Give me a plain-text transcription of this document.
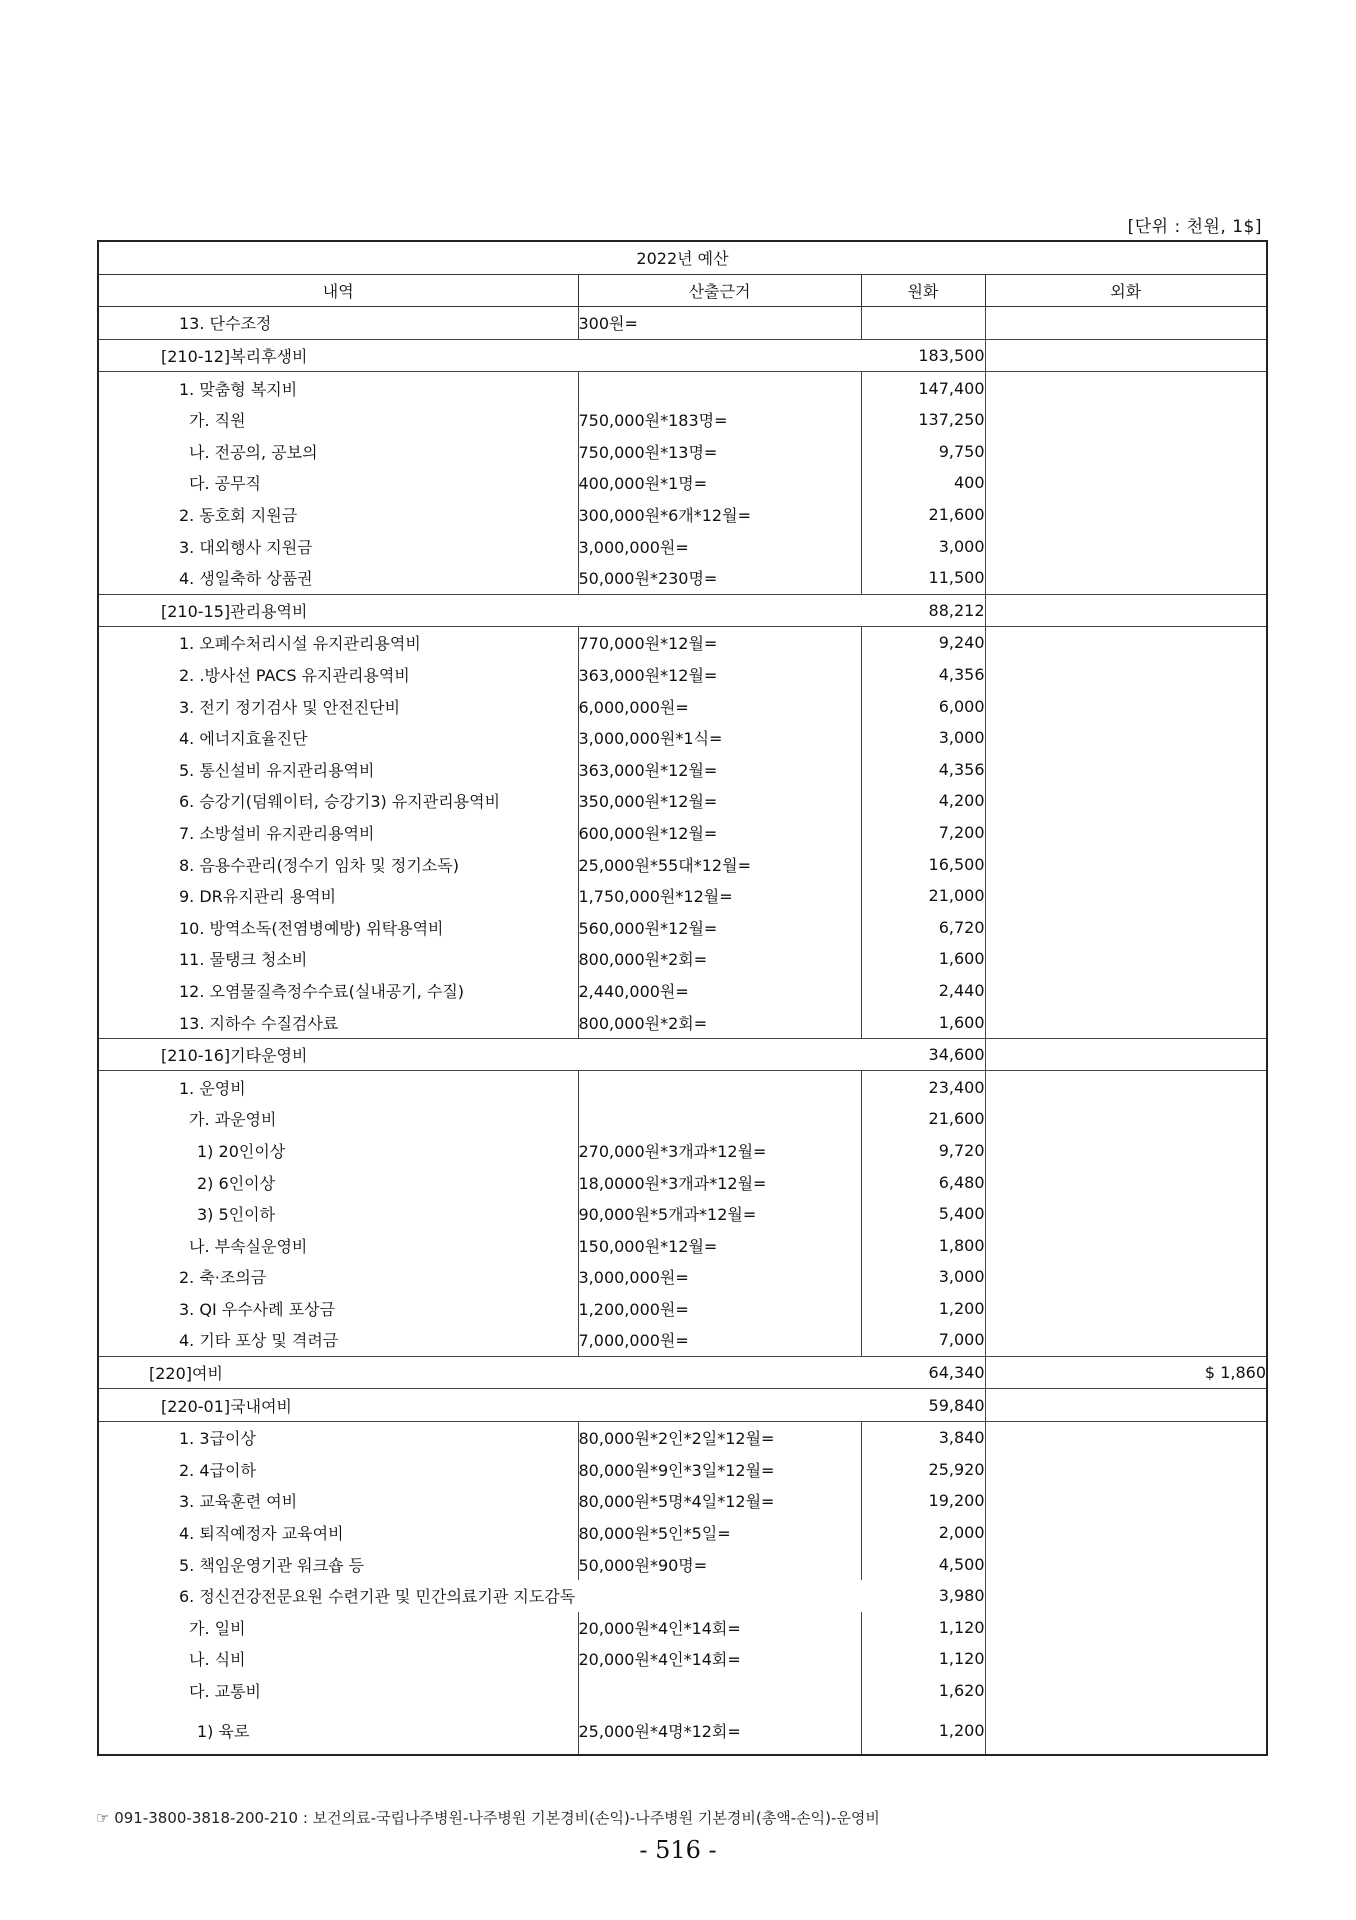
[단위 : 천원, 1$]
2022년 예산			
내역	산출근거	원화	외화
13. 단수조정	300원=		
[210-12]복리후생비		183,500	
1. 맞춤형 복지비		147,400	
가. 직원	750,000원*183명=	137,250	
나. 전공의, 공보의	750,000원*13명=	9,750	
다. 공무직	400,000원*1명=	400	
2. 동호회 지원금	300,000원*6개*12월=	21,600	
3. 대외행사 지원금	3,000,000원=	3,000	
4. 생일축하 상품권	50,000원*230명=	11,500	
[210-15]관리용역비		88,212	
1. 오폐수처리시설 유지관리용역비	770,000원*12월=	9,240	
2. .방사선 PACS 유지관리용역비	363,000원*12월=	4,356	
3. 전기 정기검사 및 안전진단비	6,000,000원=	6,000	
4. 에너지효율진단	3,000,000원*1식=	3,000	
5. 통신설비 유지관리용역비	363,000원*12월=	4,356	
6. 승강기(덤웨이터, 승강기3) 유지관리용역비	350,000원*12월=	4,200	
7. 소방설비 유지관리용역비	600,000원*12월=	7,200	
8. 음용수관리(정수기 임차 및 정기소독)	25,000원*55대*12월=	16,500	
9. DR유지관리 용역비	1,750,000원*12월=	21,000	
10. 방역소독(전염병예방) 위탁용역비	560,000원*12월=	6,720	
11. 물탱크 청소비	800,000원*2회=	1,600	
12. 오염물질측정수수료(실내공기, 수질)	2,440,000원=	2,440	
13. 지하수 수질검사료	800,000원*2회=	1,600	
[210-16]기타운영비		34,600	
1. 운영비		23,400	
가. 과운영비		21,600	
1) 20인이상	270,000원*3개과*12월=	9,720	
2) 6인이상	18,0000원*3개과*12월=	6,480	
3) 5인이하	90,000원*5개과*12월=	5,400	
나. 부속실운영비	150,000원*12월=	1,800	
2. 축·조의금	3,000,000원=	3,000	
3. QI 우수사례 포상금	1,200,000원=	1,200	
4. 기타 포상 및 격려금	7,000,000원=	7,000	
[220]여비		64,340	$ 1,860
[220-01]국내여비		59,840	
1. 3급이상	80,000원*2인*2일*12월=	3,840	
2. 4급이하	80,000원*9인*3일*12월=	25,920	
3. 교육훈련 여비	80,000원*5명*4일*12월=	19,200	
4. 퇴직예정자 교육여비	80,000원*5인*5일=	2,000	
5. 책임운영기관 워크숍 등	50,000원*90명=	4,500	
6. 정신건강전문요원 수련기관 및 민간의료기관 지도감독		3,980	
가. 일비	20,000원*4인*14회=	1,120	
나. 식비	20,000원*4인*14회=	1,120	
다. 교통비		1,620	
1) 육로	25,000원*4명*12회=	1,200	
☞ 091-3800-3818-200-210 : 보건의료-국립나주병원-나주병원 기본경비(손익)-나주병원 기본경비(총액-손익)-운영비
- 516 -
